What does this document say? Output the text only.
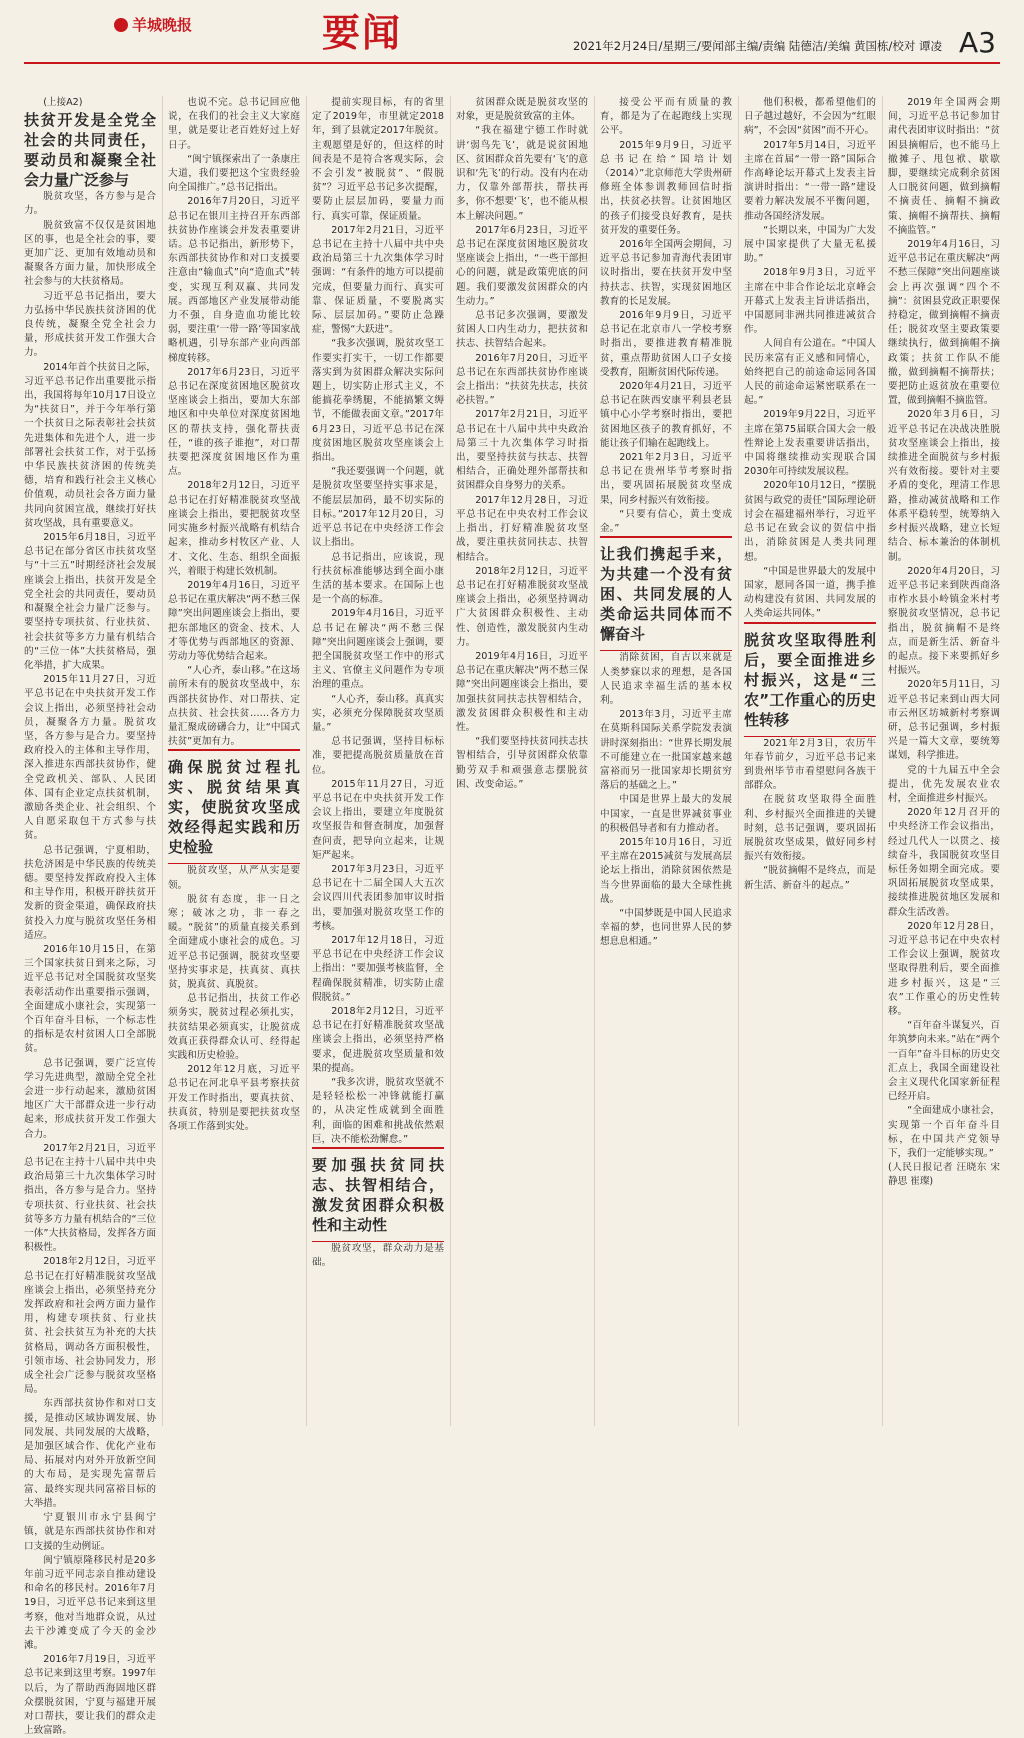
羊城晚报	要闻	2021年2月24日/星期三/要闻部主编/责编 陆德洁/美编 黄国栋/校对 谭凌 A3

(上接A2)

扶贫开发是全党全社会的共同责任，要动员和凝聚全社会力量广泛参与

脱贫攻坚，各方参与是合力。

脱贫致富不仅仅是贫困地区的事，也是全社会的事，要更加广泛、更加有效地动员和凝聚各方面力量，加快形成全社会参与的大扶贫格局。

习近平总书记指出，要大力弘扬中华民族扶贫济困的优良传统，凝聚全党全社会力量，形成扶贫开发工作强大合力。

2014年首个扶贫日之际，习近平总书记作出重要批示指出，我国将每年10月17日设立为“扶贫日”，并于今年举行第一个扶贫日之际表彰社会扶贫先进集体和先进个人，进一步部署社会扶贫工作，对于弘扬中华民族扶贫济困的传统美德，培育和践行社会主义核心价值观，动员社会各方面力量共同向贫困宣战，继续打好扶贫攻坚战，具有重要意义。

2015年6月18日，习近平总书记在部分省区市扶贫攻坚与“十三五”时期经济社会发展座谈会上指出，扶贫开发是全党全社会的共同责任，要动员和凝聚全社会力量广泛参与。要坚持专项扶贫、行业扶贫、社会扶贫等多方力量有机结合的“三位一体”大扶贫格局，强化举措，扩大成果。

2015年11月27日，习近平总书记在中央扶贫开发工作会议上指出，必须坚持社会动员，凝聚各方力量。脱贫攻坚，各方参与是合力。要坚持政府投入的主体和主导作用，深入推进东西部扶贫协作，健全党政机关、部队、人民团体、国有企业定点扶贫机制，激励各类企业、社会组织、个人自愿采取包干方式参与扶贫。

总书记强调，宁夏相助，扶危济困是中华民族的传统美德。要坚持发挥政府投入主体和主导作用，积极开辟扶贫开发新的资金渠道，确保政府扶贫投入力度与脱贫攻坚任务相适应。

2016年10月15日，在第三个国家扶贫日到来之际，习近平总书记对全国脱贫攻坚奖表彰活动作出重要指示强调，全面建成小康社会，实现第一个百年奋斗目标，一个标志性的指标是农村贫困人口全部脱贫。

总书记强调，要广泛宣传学习先进典型，激励全党全社会进一步行动起来，激励贫困地区广大干部群众进一步行动起来，形成扶贫开发工作强大合力。

2017年2月21日，习近平总书记在主持十八届中共中央政治局第三十九次集体学习时指出，各方参与是合力。坚持专项扶贫、行业扶贫、社会扶贫等多方力量有机结合的“三位一体”大扶贫格局，发挥各方面积极性。

2018年2月12日，习近平总书记在打好精准脱贫攻坚战座谈会上指出，必须坚持充分发挥政府和社会两方面力量作用，构建专项扶贫、行业扶贫、社会扶贫互为补充的大扶贫格局，调动各方面积极性，引领市场、社会协同发力，形成全社会广泛参与脱贫攻坚格局。

东西部扶贫协作和对口支援，是推动区域协调发展、协同发展、共同发展的大战略，是加强区域合作、优化产业布局、拓展对内对外开放新空间的大布局，是实现先富帮后富、最终实现共同富裕目标的大举措。

宁夏银川市永宁县闽宁镇，就是东西部扶贫协作和对口支援的生动例证。

闽宁镇原隆移民村是20多年前习近平同志亲自推动建设和命名的移民村。2016年7月19日，习近平总书记来到这里考察，他对当地群众说，从过去干沙滩变成了今天的金沙滩。

2016年7月19日，习近平总书记来到这里考察。1997年以后，为了帮助西海固地区群众摆脱贫困，宁夏与福建开展对口帮扶，要让我们的群众走上致富路。

也说不完。总书记回应他说，在我们的社会主义大家庭里，就是要让老百姓好过上好日子。

“闽宁镇探索出了一条康庄大道，我们要把这个宝贵经验向全国推广。”总书记指出。

2016年7月20日，习近平总书记在银川主持召开东西部扶贫协作座谈会并发表重要讲话。总书记指出，新形势下，东西部扶贫协作和对口支援要注意由“输血式”向“造血式”转变，实现互利双赢、共同发展。西部地区产业发展带动能力不强，自身造血功能比较弱，要注重‘一带一路’等国家战略机遇，引导东部产业向西部梯度转移。

2017年6月23日，习近平总书记在深度贫困地区脱贫攻坚座谈会上指出，要加大东部地区和中央单位对深度贫困地区的帮扶支持，强化帮扶责任，“谁的孩子谁抱”，对口帮扶要把深度贫困地区作为重点。

2018年2月12日，习近平总书记在打好精准脱贫攻坚战座谈会上指出，要把脱贫攻坚同实施乡村振兴战略有机结合起来，推动乡村牧区产业、人才、文化、生态、组织全面振兴，着眼于构建长效机制。

2019年4月16日，习近平总书记在重庆解决“两不愁三保障”突出问题座谈会上指出，要把东部地区的资金、技术、人才等优势与西部地区的资源、劳动力等优势结合起来。

“人心齐，泰山移。”在这场前所未有的脱贫攻坚战中，东西部扶贫协作、对口帮扶、定点扶贫、社会扶贫……各方力量汇聚成磅礴合力，让“中国式扶贫”更加有力。

确保脱贫过程扎实、脱贫结果真实，使脱贫攻坚成效经得起实践和历史检验

脱贫攻坚，从严从实是要领。

脱贫有态度，非一日之寒；破冰之功，非一春之暖。“脱贫”的质量直接关系到全面建成小康社会的成色。习近平总书记强调，脱贫攻坚要坚持实事求是，扶真贫、真扶贫，脱真贫、真脱贫。

总书记指出，扶贫工作必须务实，脱贫过程必须扎实，扶贫结果必须真实，让脱贫成效真正获得群众认可、经得起实践和历史检验。

2012年12月底，习近平总书记在河北阜平县考察扶贫开发工作时指出，要真扶贫、扶真贫，特别是要把扶贫攻坚各项工作落到实处。

提前实现目标，有的省里定了2019年，市里就定2018年，到了县就定2017年脱贫。主观愿望是好的，但这样的时间表是不是符合客观实际，会不会引发“被脱贫”、“假脱贫”？习近平总书记多次提醒，要防止层层加码，要量力而行、真实可靠，保证质量。

2017年2月21日，习近平总书记在主持十八届中共中央政治局第三十九次集体学习时强调：“有条件的地方可以提前完成，但要量力而行、真实可靠、保证质量，不要脱离实际、层层加码。”要防止急躁症，警惕“大跃进”。

“我多次强调，脱贫攻坚工作要实打实干，一切工作都要落实到为贫困群众解决实际问题上，切实防止形式主义，不能搞花拳绣腿，不能搞繁文缛节，不能做表面文章。”2017年6月23日，习近平总书记在深度贫困地区脱贫攻坚座谈会上指出。

“我还要强调一个问题，就是脱贫攻坚要坚持实事求是，不能层层加码，最不切实际的目标。”2017年12月20日，习近平总书记在中央经济工作会议上指出。

总书记指出，应该说，现行扶贫标准能够达到全面小康生活的基本要求。在国际上也是一个高的标准。

2019年4月16日，习近平总书记在解决“两不愁三保障”突出问题座谈会上强调，要把全国脱贫攻坚工作中的形式主义、官僚主义问题作为专项治理的重点。

“人心齐，泰山移。真真实实，必须充分保障脱贫攻坚质量。”

总书记强调，坚持目标标准，要把提高脱贫质量放在首位。

2015年11月27日，习近平总书记在中央扶贫开发工作会议上指出，要建立年度脱贫攻坚报告和督查制度，加强督查问责，把导向立起来，让规矩严起来。

2017年3月23日，习近平总书记在十二届全国人大五次会议四川代表团参加审议时指出，要加强对脱贫攻坚工作的考核。

2017年12月18日，习近平总书记在中央经济工作会议上指出：“要加强考核监督，全程确保脱贫精准，切实防止虚假脱贫。”

2018年2月12日，习近平总书记在打好精准脱贫攻坚战座谈会上指出，必须坚持严格要求，促进脱贫攻坚质量和效果的提高。

“我多次讲，脱贫攻坚就不是轻轻松松一冲锋就能打赢的，从决定性成就到全面胜利，面临的困难和挑战依然艰巨，决不能松劲懈怠。”

要加强扶贫同扶志、扶智相结合，激发贫困群众积极性和主动性

脱贫攻坚，群众动力是基础。

贫困群众既是脱贫攻坚的对象，更是脱贫致富的主体。

“我在福建宁德工作时就讲‘弱鸟先飞’，就是说贫困地区、贫困群众首先要有‘飞’的意识和‘先飞’的行动。没有内在动力，仅靠外部帮扶，帮扶再多，你不想要‘飞’，也不能从根本上解决问题。”

2017年6月23日，习近平总书记在深度贫困地区脱贫攻坚座谈会上指出，“一些干部担心的问题，就是政策兜底的问题。我们要激发贫困群众的内生动力。”

总书记多次强调，要激发贫困人口内生动力，把扶贫和扶志、扶智结合起来。

2016年7月20日，习近平总书记在东西部扶贫协作座谈会上指出：“扶贫先扶志，扶贫必扶智。”

2017年2月21日，习近平总书记在十八届中共中央政治局第三十九次集体学习时指出，要坚持扶贫与扶志、扶智相结合，正确处理外部帮扶和贫困群众自身努力的关系。

2017年12月28日，习近平总书记在中央农村工作会议上指出，打好精准脱贫攻坚战，要注重扶贫同扶志、扶智相结合。

2018年2月12日，习近平总书记在打好精准脱贫攻坚战座谈会上指出，必须坚持调动广大贫困群众积极性、主动性、创造性，激发脱贫内生动力。

2019年4月16日，习近平总书记在重庆解决“两不愁三保障”突出问题座谈会上指出，要加强扶贫同扶志扶智相结合，激发贫困群众积极性和主动性。

“我们要坚持扶贫同扶志扶智相结合，引导贫困群众依靠勤劳双手和顽强意志摆脱贫困、改变命运。”

接受公平而有质量的教育，都是为了在起跑线上实现公平。

2015年9月9日，习近平总书记在给“国培计划（2014）”北京师范大学贵州研修班全体参训教师回信时指出，扶贫必扶智。让贫困地区的孩子们接受良好教育，是扶贫开发的重要任务。

2016年全国两会期间，习近平总书记参加青海代表团审议时指出，要在扶贫开发中坚持扶志、扶智，实现贫困地区教育的长足发展。

2016年9月9日，习近平总书记在北京市八一学校考察时指出，要推进教育精准脱贫，重点帮助贫困人口子女接受教育，阻断贫困代际传递。

2020年4月21日，习近平总书记在陕西安康平利县老县镇中心小学考察时指出，要把贫困地区孩子的教育抓好，不能让孩子们输在起跑线上。

2021年2月3日，习近平总书记在贵州毕节考察时指出，要巩固拓展脱贫攻坚成果，同乡村振兴有效衔接。

“只要有信心，黄土变成金。”

让我们携起手来，为共建一个没有贫困、共同发展的人类命运共同体而不懈奋斗

消除贫困，自古以来就是人类梦寐以求的理想，是各国人民追求幸福生活的基本权利。

2013年3月，习近平主席在莫斯科国际关系学院发表演讲时深刻指出：“世界长期发展不可能建立在一批国家越来越富裕而另一批国家却长期贫穷落后的基础之上。”

中国是世界上最大的发展中国家，一直是世界减贫事业的积极倡导者和有力推动者。

2015年10月16日，习近平主席在2015减贫与发展高层论坛上指出，消除贫困依然是当今世界面临的最大全球性挑战。

“中国梦既是中国人民追求幸福的梦，也同世界人民的梦想息息相通。”

他们积极，都希望他们的日子越过越好，不会因为“红眼病”，不会因“贫困”而不开心。

2017年5月14日，习近平主席在首届“一带一路”国际合作高峰论坛开幕式上发表主旨演讲时指出：“一带一路”建设要着力解决发展不平衡问题，推动各国经济发展。

“长期以来，中国为广大发展中国家提供了大量无私援助。”

2018年9月3日，习近平主席在中非合作论坛北京峰会开幕式上发表主旨讲话指出，中国愿同非洲共同推进减贫合作。

人间自有公道在。“中国人民历来富有正义感和同情心，始终把自己的前途命运同各国人民的前途命运紧密联系在一起。”

2019年9月22日，习近平主席在第75届联合国大会一般性辩论上发表重要讲话指出，中国将继续推动实现联合国2030年可持续发展议程。

2020年10月12日，“摆脱贫困与政党的责任”国际理论研讨会在福建福州举行，习近平总书记在致会议的贺信中指出，消除贫困是人类共同理想。

“中国是世界最大的发展中国家，愿同各国一道，携手推动构建没有贫困、共同发展的人类命运共同体。”

脱贫攻坚取得胜利后，要全面推进乡村振兴，这是“三农”工作重心的历史性转移

2021年2月3日，农历牛年春节前夕，习近平总书记来到贵州毕节市看望慰问各族干部群众。

在脱贫攻坚取得全面胜利、乡村振兴全面推进的关键时刻，总书记强调，要巩固拓展脱贫攻坚成果，做好同乡村振兴有效衔接。

“脱贫摘帽不是终点，而是新生活、新奋斗的起点。”

2019年全国两会期间，习近平总书记参加甘肃代表团审议时指出：“贫困县摘帽后，也不能马上撤摊子、甩包袱、歇歇脚，要继续完成剩余贫困人口脱贫问题，做到摘帽不摘责任、摘帽不摘政策、摘帽不摘帮扶、摘帽不摘监管。”

2019年4月16日，习近平总书记在重庆解决“两不愁三保障”突出问题座谈会上再次强调“四个不摘”：贫困县党政正职要保持稳定，做到摘帽不摘责任；脱贫攻坚主要政策要继续执行，做到摘帽不摘政策；扶贫工作队不能撤，做到摘帽不摘帮扶；要把防止返贫放在重要位置，做到摘帽不摘监管。

2020年3月6日，习近平总书记在决战决胜脱贫攻坚座谈会上指出，接续推进全面脱贫与乡村振兴有效衔接。要针对主要矛盾的变化，理清工作思路，推动减贫战略和工作体系平稳转型，统筹纳入乡村振兴战略，建立长短结合、标本兼治的体制机制。

2020年4月20日，习近平总书记来到陕西商洛市柞水县小岭镇金米村考察脱贫攻坚情况，总书记指出，脱贫摘帽不是终点，而是新生活、新奋斗的起点。接下来要抓好乡村振兴。

2020年5月11日，习近平总书记来到山西大同市云州区坊城新村考察调研，总书记强调，乡村振兴是一篇大文章，要统筹谋划，科学推进。

党的十九届五中全会提出，优先发展农业农村，全面推进乡村振兴。

2020年12月召开的中央经济工作会议指出，经过几代人一以贯之、接续奋斗，我国脱贫攻坚目标任务如期全面完成。要巩固拓展脱贫攻坚成果，接续推进脱贫地区发展和群众生活改善。

2020年12月28日，习近平总书记在中央农村工作会议上强调，脱贫攻坚取得胜利后，要全面推进乡村振兴，这是“三农”工作重心的历史性转移。

“百年奋斗谋复兴，百年筑梦向未来。”站在“两个一百年”奋斗目标的历史交汇点上，我国全面建设社会主义现代化国家新征程已经开启。

“全面建成小康社会，实现第一个百年奋斗目标，在中国共产党领导下，我们一定能够实现。”

(人民日报记者 汪晓东 宋静思 崔璨)
